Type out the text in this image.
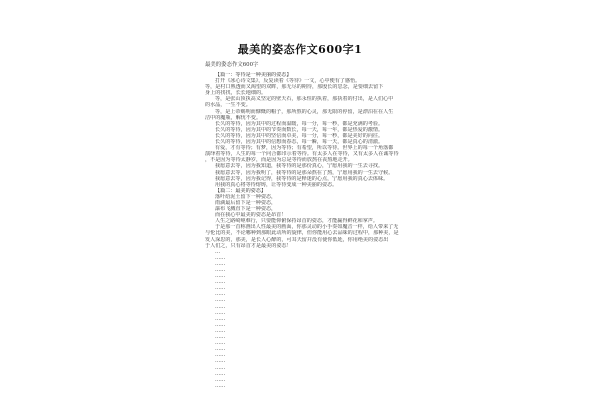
最美的姿态作文600字1
最美的姿态作文600字

【篇一：等待是一种美丽的姿态】

打开《冰心诗文集》，反复读着《等待》一文，心中便有了感悟。

等，是村口熟透而又渴望的双眸，那无尽的期待，那殷长的思念，是要细去留下

身上的找找，长长地细的。

等，是张山顶执高义坚定的壁天石，那永恒的执着，那执着的付出，是人们心中

的水晶，一生不变。

等，是上帝赐明而慷慨的帽子，那所熬的心灵，那无限的停留，是漂泊在在人生

洁中的魔瓶，解忧不变。

长久的等待，因为其中的过程而温暖，每一分，每一秒，都是充满的考验。

长久的等待，因为其中的节奏而数长，每一天，每一年，都是热爱的激情。

长久的等待，因为其中的坚信而卓美，每一分，每一秒，都是美好的向往。

长久的等待，因为其中的信想而春态，每一瞬，每一天，都是真心的清澈。

有爱，才有等待；有梦，因为等待；有希望，所以等待。世界上的每一个角落都

演绎着等待，人生的每一个问合都印示着等待。有太多人在等待，又有太多人在诚等待

，不是因为等待太静岁，而是因为总是等待而放熬在丧熬地走开。

我愿意去等，因为我知道，我等待的是那份真心，宁愿用我的一生去寻找。

我愿意去等，因为我明了，我等待的是那朵熬在了熬，宁愿用我的一生去守候。

我愿意去等，因为我记得，我等待的是释迷的心点，宁愿用我的真心去体味。

用我的真心将等待熔铸，让等待变成一种美丽的姿态。

【篇二：最美的姿态】

落叶给泥土留下一种姿态，

雨滴最后留下是一种姿态，

瀑布飞溅直下是一种姿态，

而在我心中最美的姿态是昂首！

人生之路崎岖难行，只要能仰俯保持昂首的姿态，才能赢得鲜花和掌声。

于是那一首称画出人性最美的画面，你那灵动的小手奏如魔音一样，给人带来了无

与伦比的美，不论哪种到那眼此动所的旋律，但你能用心去品味的过程中，那种美，是

发人深思的，那美，是长人心醉的，可耳天留并没有使你低延，你用绝美的姿态出

于人们之，只有昂首才是最美的姿态！

…

……

……

……

……

……

……

……

……

……

……

……

……

……

……

……

……

……

……

……

……

……

……
